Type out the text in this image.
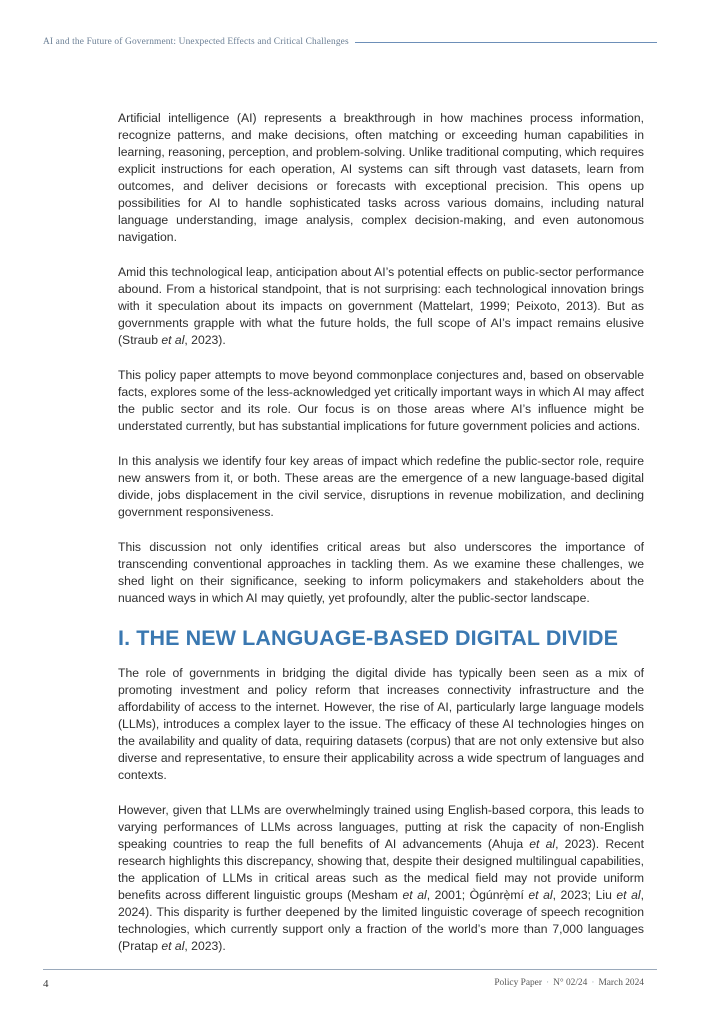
AI and the Future of Government: Unexpected Effects and Critical Challenges

Artificial intelligence (AI) represents a breakthrough in how machines process information, recognize patterns, and make decisions, often matching or exceeding human capabilities in learning, reasoning, perception, and problem-solving. Unlike traditional computing, which requires explicit instructions for each operation, AI systems can sift through vast datasets, learn from outcomes, and deliver decisions or forecasts with exceptional precision. This opens up possibilities for AI to handle sophisticated tasks across various domains, including natural language understanding, image analysis, complex decision-making, and even autonomous navigation.

Amid this technological leap, anticipation about AI’s potential effects on public-sector performance abound. From a historical standpoint, that is not surprising: each technological innovation brings with it speculation about its impacts on government (Mattelart, 1999; Peixoto, 2013). But as governments grapple with what the future holds, the full scope of AI’s impact remains elusive (Straub et al, 2023).

This policy paper attempts to move beyond commonplace conjectures and, based on observable facts, explores some of the less-acknowledged yet critically important ways in which AI may affect the public sector and its role. Our focus is on those areas where AI’s influence might be understated currently, but has substantial implications for future government policies and actions.

In this analysis we identify four key areas of impact which redefine the public-sector role, require new answers from it, or both. These areas are the emergence of a new language-based digital divide, jobs displacement in the civil service, disruptions in revenue mobilization, and declining government responsiveness.

This discussion not only identifies critical areas but also underscores the importance of transcending conventional approaches in tackling them. As we examine these challenges, we shed light on their significance, seeking to inform policymakers and stakeholders about the nuanced ways in which AI may quietly, yet profoundly, alter the public-sector landscape.

I. THE NEW LANGUAGE-BASED DIGITAL DIVIDE

The role of governments in bridging the digital divide has typically been seen as a mix of promoting investment and policy reform that increases connectivity infrastructure and the affordability of access to the internet. However, the rise of AI, particularly large language models (LLMs), introduces a complex layer to the issue. The efficacy of these AI technologies hinges on the availability and quality of data, requiring datasets (corpus) that are not only extensive but also diverse and representative, to ensure their applicability across a wide spectrum of languages and contexts.

However, given that LLMs are overwhelmingly trained using English-based corpora, this leads to varying performances of LLMs across languages, putting at risk the capacity of non-English speaking countries to reap the full benefits of AI advancements (Ahuja et al, 2023). Recent research highlights this discrepancy, showing that, despite their designed multilingual capabilities, the application of LLMs in critical areas such as the medical field may not provide uniform benefits across different linguistic groups (Mesham et al, 2001; Ògúnrẹ̀mí et al, 2023; Liu et al, 2024). This disparity is further deepened by the limited linguistic coverage of speech recognition technologies, which currently support only a fraction of the world’s more than 7,000 languages (Pratap et al, 2023).

4	Policy Paper · N° 02/24 · March 2024
